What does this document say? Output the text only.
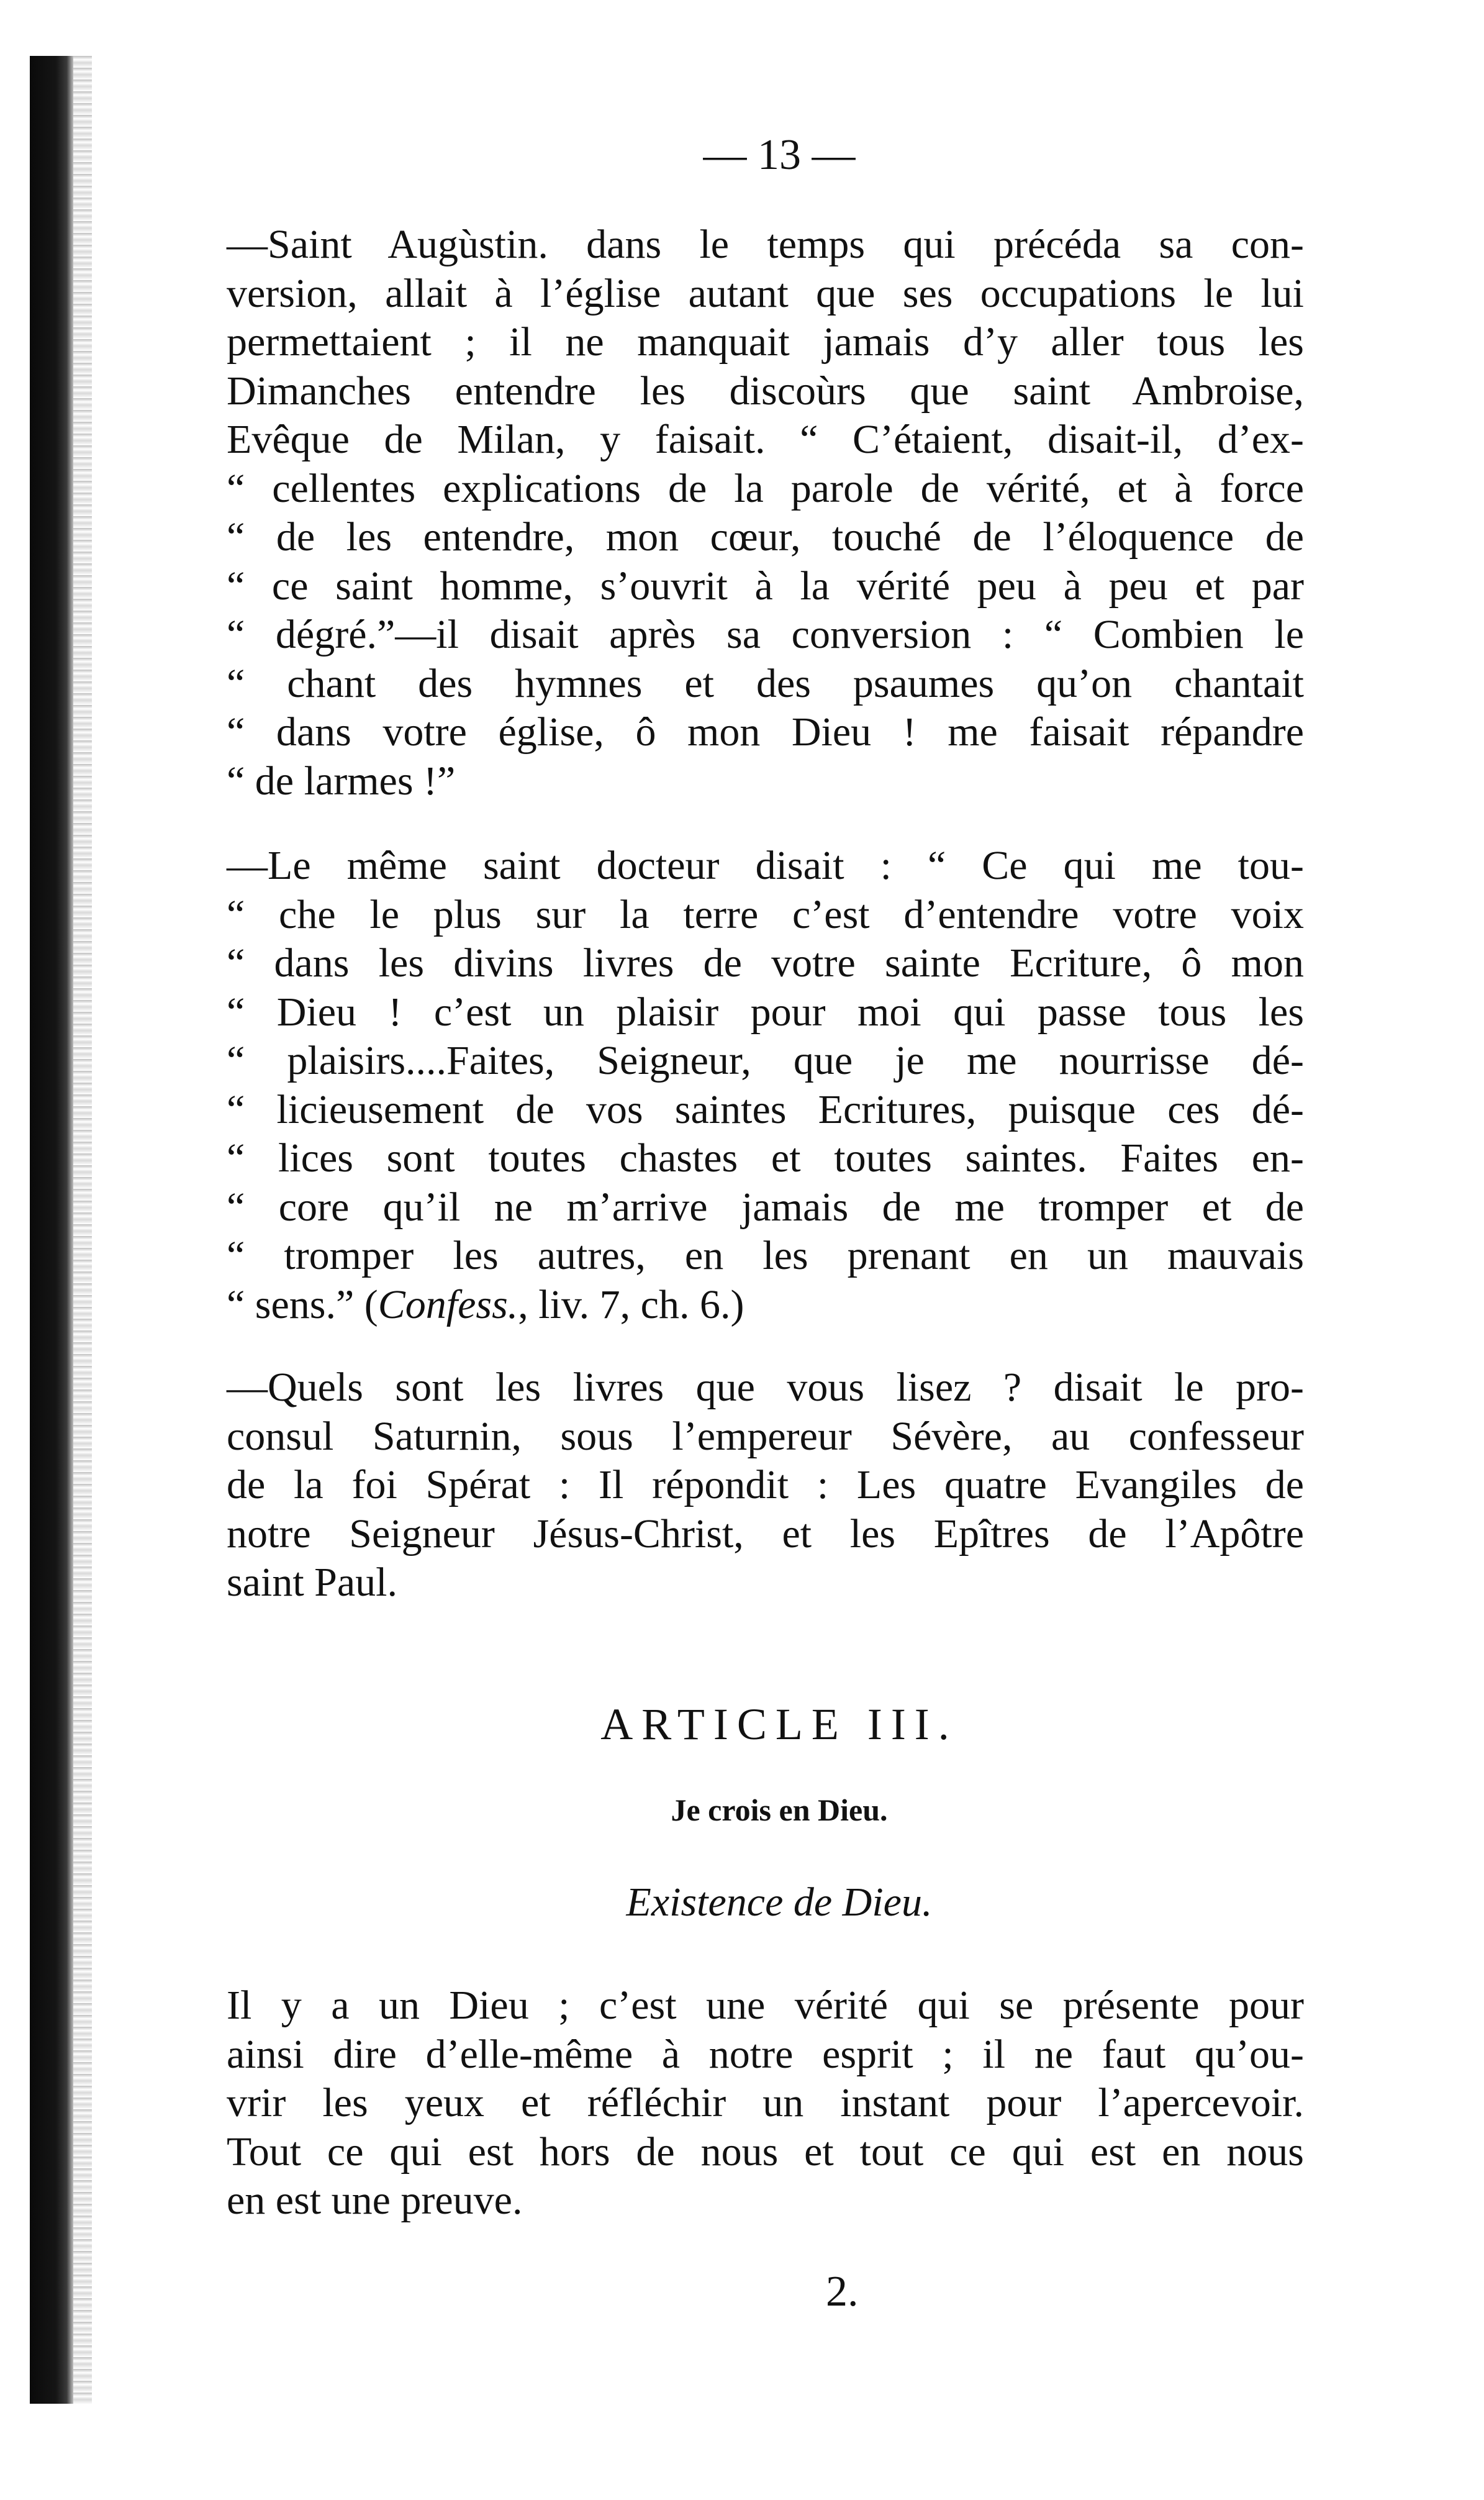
— 13 —
—Saint Augùstin. dans le temps qui précéda sa con-
version, allait à l’église autant que ses occupations le lui
permettaient ; il ne manquait jamais d’y aller tous les
Dimanches entendre les discoùrs que saint Ambroise,
Evêque de Milan, y faisait. “ C’étaient, disait-il, d’ex-
“ cellentes explications de la parole de vérité, et à force
“ de les entendre, mon cœur, touché de l’éloquence de
“ ce saint homme, s’ouvrit à la vérité peu à peu et par
“ dégré.”—il disait après sa conversion : “ Combien le
“ chant des hymnes et des psaumes qu’on chantait
“ dans votre église, ô mon Dieu ! me faisait répandre
“ de larmes !”
—Le même saint docteur disait : “ Ce qui me tou-
“ che le plus sur la terre c’est d’entendre votre voix
“ dans les divins livres de votre sainte Ecriture, ô mon
“ Dieu ! c’est un plaisir pour moi qui passe tous les
“ plaisirs....Faites, Seigneur, que je me nourrisse dé-
“ licieusement de vos saintes Ecritures, puisque ces dé-
“ lices sont toutes chastes et toutes saintes. Faites en-
“ core qu’il ne m’arrive jamais de me tromper et de
“ tromper les autres, en les prenant en un mauvais
“ sens.” (Confess., liv. 7, ch. 6.)
—Quels sont les livres que vous lisez ? disait le pro-
consul Saturnin, sous l’empereur Sévère, au confesseur
de la foi Spérat : Il répondit : Les quatre Evangiles de
notre Seigneur Jésus-Christ, et les Epîtres de l’Apôtre
saint Paul.
ARTICLE III.
Je crois en Dieu.
Existence de Dieu.
Il y a un Dieu ; c’est une vérité qui se présente pour
ainsi dire d’elle-même à notre esprit ; il ne faut qu’ou-
vrir les yeux et réfléchir un instant pour l’apercevoir.
Tout ce qui est hors de nous et tout ce qui est en nous
en est une preuve.
2.
